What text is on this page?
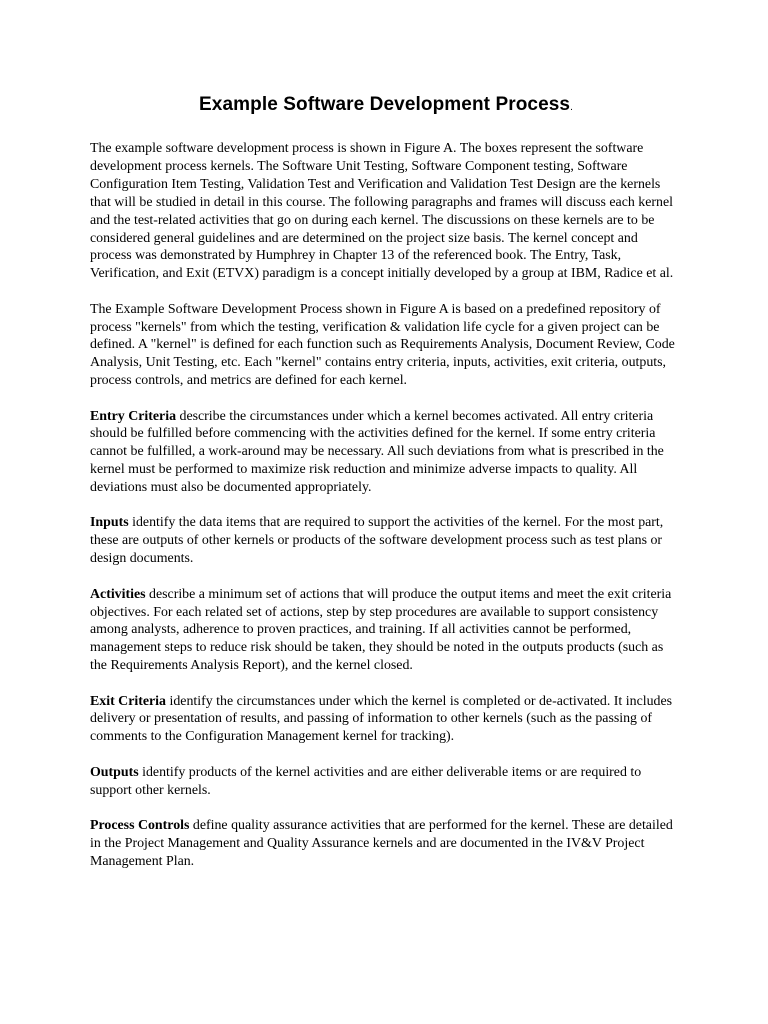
Example Software Development Process.

The example software development process is shown in Figure A. The boxes represent the software development process kernels. The Software Unit Testing, Software Component testing, Software Configuration Item Testing, Validation Test and Verification and Validation Test Design are the kernels that will be studied in detail in this course. The following paragraphs and frames will discuss each kernel and the test-related activities that go on during each kernel. The discussions on these kernels are to be considered general guidelines and are determined on the project size basis. The kernel concept and process was demonstrated by Humphrey in Chapter 13 of the referenced book. The Entry, Task, Verification, and Exit (ETVX) paradigm is a concept initially developed by a group at IBM, Radice et al.

The Example Software Development Process shown in Figure A is based on a predefined repository of process "kernels" from which the testing, verification & validation life cycle for a given project can be defined. A "kernel" is defined for each function such as Requirements Analysis, Document Review, Code Analysis, Unit Testing, etc. Each "kernel" contains entry criteria, inputs, activities, exit criteria, outputs, process controls, and metrics are defined for each kernel.

Entry Criteria describe the circumstances under which a kernel becomes activated. All entry criteria should be fulfilled before commencing with the activities defined for the kernel. If some entry criteria cannot be fulfilled, a work-around may be necessary. All such deviations from what is prescribed in the kernel must be performed to maximize risk reduction and minimize adverse impacts to quality. All deviations must also be documented appropriately.

Inputs identify the data items that are required to support the activities of the kernel. For the most part, these are outputs of other kernels or products of the software development process such as test plans or design documents.

Activities describe a minimum set of actions that will produce the output items and meet the exit criteria objectives. For each related set of actions, step by step procedures are available to support consistency among analysts, adherence to proven practices, and training. If all activities cannot be performed, management steps to reduce risk should be taken, they should be noted in the outputs products (such as the Requirements Analysis Report), and the kernel closed.

Exit Criteria identify the circumstances under which the kernel is completed or de-activated. It includes delivery or presentation of results, and passing of information to other kernels (such as the passing of comments to the Configuration Management kernel for tracking).

Outputs identify products of the kernel activities and are either deliverable items or are required to support other kernels.

Process Controls define quality assurance activities that are performed for the kernel. These are detailed in the Project Management and Quality Assurance kernels and are documented in the IV&V Project Management Plan.
